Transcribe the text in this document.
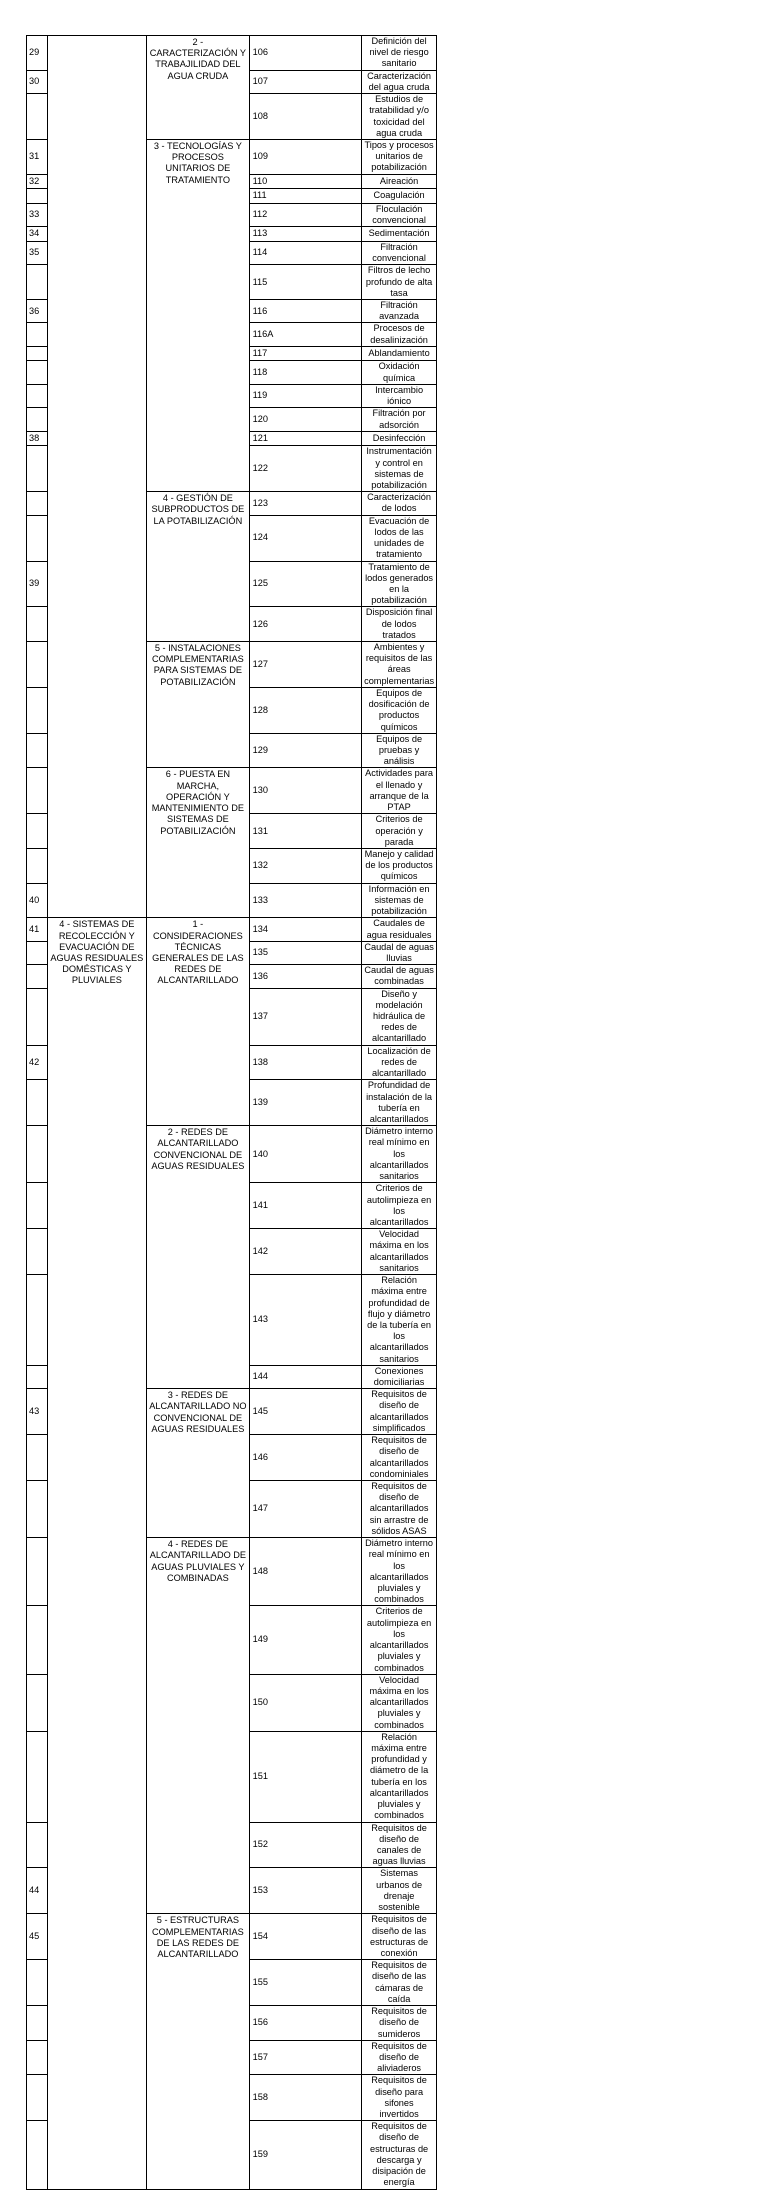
29		2 - CARACTERIZACIÓN Y TRABAJILIDAD DEL AGUA CRUDA	106	Definición del nivel de riesgo sanitario
30			107	Caracterización del agua cruda
			108	Estudios de tratabilidad y/o toxicidad del agua cruda
31		3 - TECNOLOGÍAS Y PROCESOS UNITARIOS DE TRATAMIENTO	109	Tipos y procesos unitarios de potabilización
32			110	Aireación
			111	Coagulación
33			112	Floculación convencional
34			113	Sedimentación
35			114	Filtración convencional
			115	Filtros de lecho profundo de alta tasa
36			116	Filtración avanzada
			116A	Procesos de desalinización
			117	Ablandamiento
			118	Oxidación química
			119	Intercambio iónico
			120	Filtración por adsorción
38			121	Desinfección
			122	Instrumentación y control en sistemas de potabilización
		4 - GESTIÓN DE SUBPRODUCTOS DE LA POTABILIZACIÓN	123	Caracterización de lodos
			124	Evacuación de lodos de las unidades de tratamiento
39			125	Tratamiento de lodos generados en la potabilización
			126	Disposición final de lodos tratados
		5 - INSTALACIONES COMPLEMENTARIAS PARA SISTEMAS DE POTABILIZACIÓN	127	Ambientes y requisitos de las áreas complementarias
			128	Equipos de dosificación de productos químicos
			129	Equipos de pruebas y análisis
		6 - PUESTA EN MARCHA, OPERACIÓN Y MANTENIMIENTO DE SISTEMAS DE POTABILIZACIÓN	130	Actividades para el llenado y arranque de la PTAP
			131	Criterios de operación y parada
			132	Manejo y calidad de los productos químicos
40			133	Información en sistemas de potabilización
41	4 - SISTEMAS DE RECOLECCIÓN Y EVACUACIÓN DE AGUAS RESIDUALES DOMÉSTICAS Y PLUVIALES	1 - CONSIDERACIONES TÉCNICAS GENERALES DE LAS REDES DE ALCANTARILLADO	134	Caudales de agua residuales
			135	Caudal de aguas lluvias
			136	Caudal de aguas combinadas
			137	Diseño y modelación hidráulica de redes de alcantarillado
42			138	Localización de redes de alcantarillado
			139	Profundidad de instalación de la tubería en alcantarillados
		2 - REDES DE ALCANTARILLADO CONVENCIONAL DE AGUAS RESIDUALES	140	Diámetro interno real mínimo en los alcantarillados sanitarios
			141	Criterios de autolimpieza en los alcantarillados
			142	Velocidad máxima en los alcantarillados sanitarios
			143	Relación máxima entre profundidad de flujo y diámetro de la tubería en los alcantarillados sanitarios
			144	Conexiones domiciliarias
43		3 - REDES DE ALCANTARILLADO NO CONVENCIONAL DE AGUAS RESIDUALES	145	Requisitos de diseño de alcantarillados simplificados
			146	Requisitos de diseño de alcantarillados condominiales
			147	Requisitos de diseño de alcantarillados sin arrastre de sólidos ASAS
		4 - REDES DE ALCANTARILLADO DE AGUAS PLUVIALES Y COMBINADAS	148	Diámetro interno real mínimo en los alcantarillados pluviales y combinados
			149	Criterios de autolimpieza en los alcantarillados pluviales y combinados
			150	Velocidad máxima en los alcantarillados pluviales y combinados
			151	Relación máxima entre profundidad y diámetro de la tubería en los alcantarillados pluviales y combinados
			152	Requisitos de diseño de canales de aguas lluvias
44			153	Sistemas urbanos de drenaje sostenible
45		5 - ESTRUCTURAS COMPLEMENTARIAS DE LAS REDES DE ALCANTARILLADO	154	Requisitos de diseño de las estructuras de conexión
			155	Requisitos de diseño de las cámaras de caída
			156	Requisitos de diseño de sumideros
			157	Requisitos de diseño de aliviaderos
			158	Requisitos de diseño para sifones invertidos
			159	Requisitos de diseño de estructuras de descarga y disipación de energía
